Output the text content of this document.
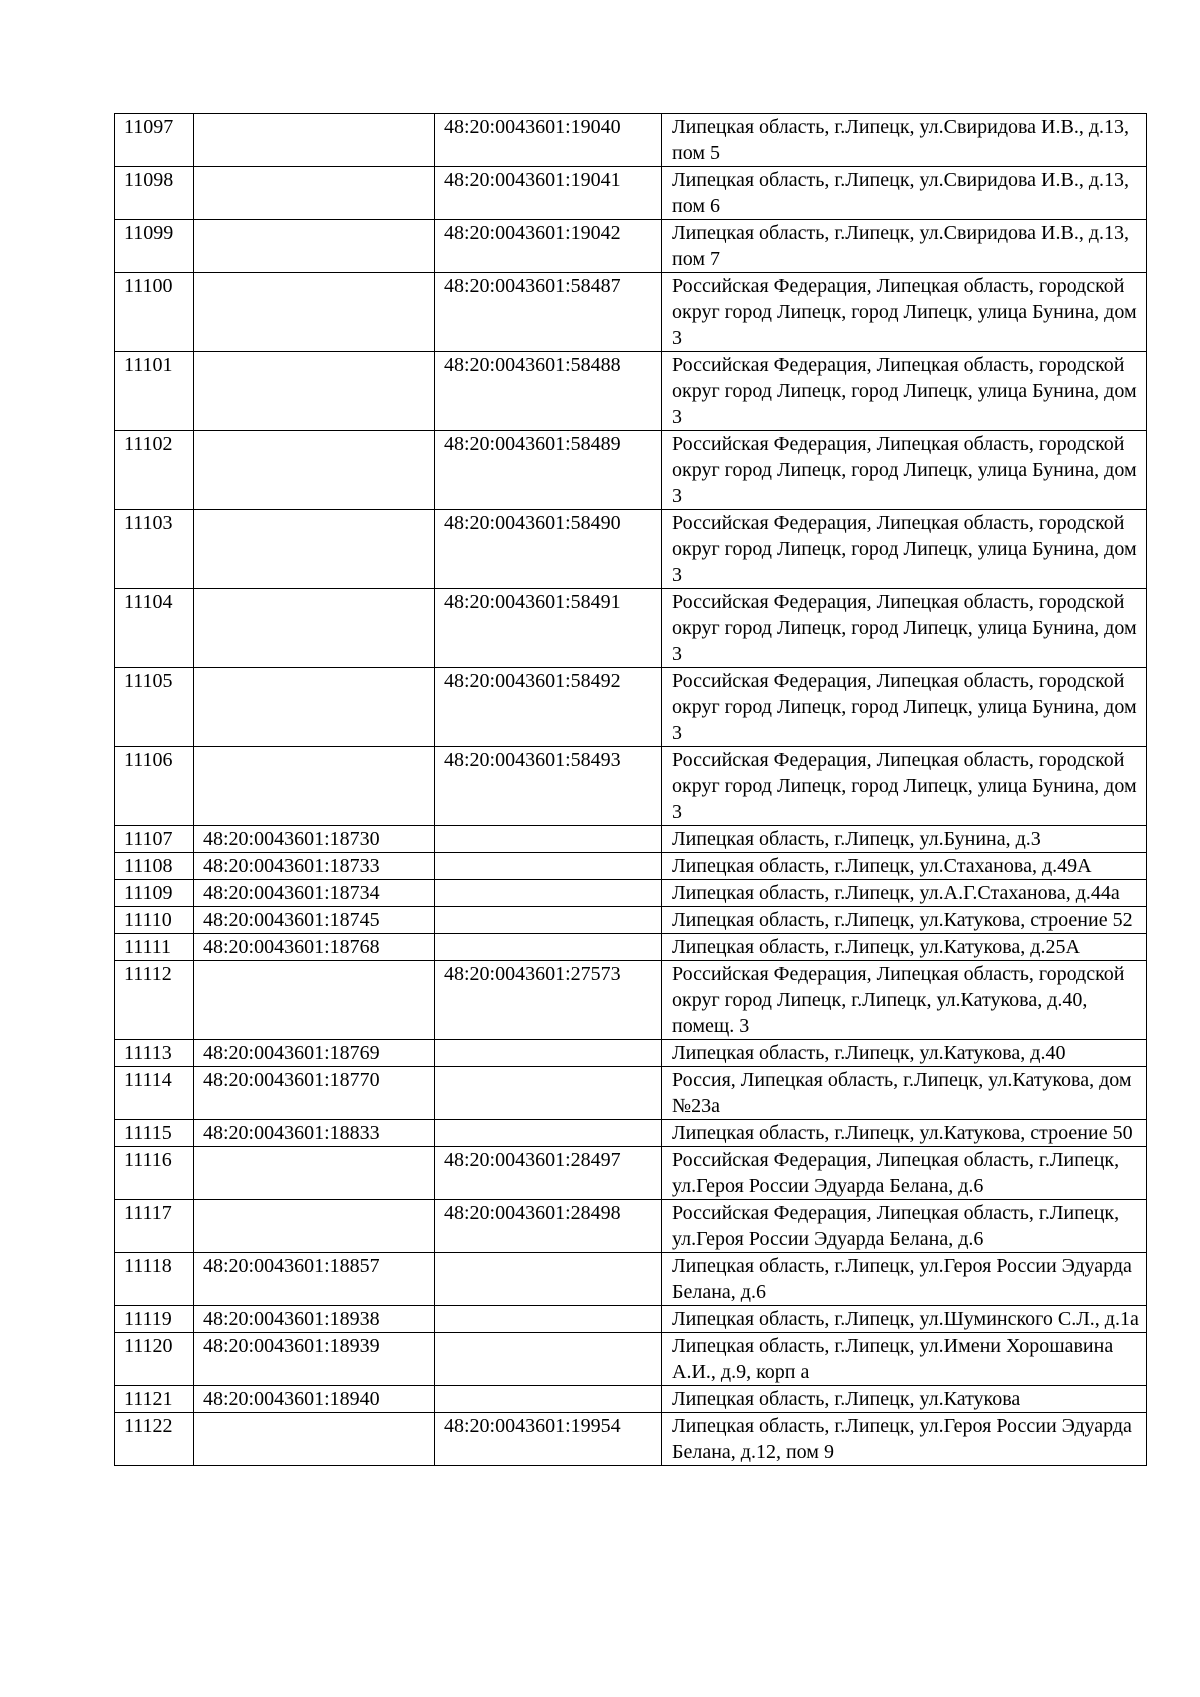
11097		48:20:0043601:19040	Липецкая область, г.Липецк, ул.Свиридова И.В., д.13, пом 5
11098		48:20:0043601:19041	Липецкая область, г.Липецк, ул.Свиридова И.В., д.13, пом 6
11099		48:20:0043601:19042	Липецкая область, г.Липецк, ул.Свиридова И.В., д.13, пом 7
11100		48:20:0043601:58487	Российская Федерация, Липецкая область, городской округ город Липецк, город Липецк, улица Бунина, дом 3
11101		48:20:0043601:58488	Российская Федерация, Липецкая область, городской округ город Липецк, город Липецк, улица Бунина, дом 3
11102		48:20:0043601:58489	Российская Федерация, Липецкая область, городской округ город Липецк, город Липецк, улица Бунина, дом 3
11103		48:20:0043601:58490	Российская Федерация, Липецкая область, городской округ город Липецк, город Липецк, улица Бунина, дом 3
11104		48:20:0043601:58491	Российская Федерация, Липецкая область, городской округ город Липецк, город Липецк, улица Бунина, дом 3
11105		48:20:0043601:58492	Российская Федерация, Липецкая область, городской округ город Липецк, город Липецк, улица Бунина, дом 3
11106		48:20:0043601:58493	Российская Федерация, Липецкая область, городской округ город Липецк, город Липецк, улица Бунина, дом 3
11107	48:20:0043601:18730		Липецкая область, г.Липецк, ул.Бунина, д.3
11108	48:20:0043601:18733		Липецкая область, г.Липецк, ул.Стаханова, д.49А
11109	48:20:0043601:18734		Липецкая область, г.Липецк, ул.А.Г.Стаханова, д.44а
11110	48:20:0043601:18745		Липецкая область, г.Липецк, ул.Катукова, строение 52
11111	48:20:0043601:18768		Липецкая область, г.Липецк, ул.Катукова, д.25А
11112		48:20:0043601:27573	Российская Федерация, Липецкая область, городской округ город Липецк, г.Липецк, ул.Катукова, д.40, помещ. 3
11113	48:20:0043601:18769		Липецкая область, г.Липецк, ул.Катукова, д.40
11114	48:20:0043601:18770		Россия, Липецкая область, г.Липецк, ул.Катукова, дом №23а
11115	48:20:0043601:18833		Липецкая область, г.Липецк, ул.Катукова, строение 50
11116		48:20:0043601:28497	Российская Федерация, Липецкая область, г.Липецк, ул.Героя России Эдуарда Белана, д.6
11117		48:20:0043601:28498	Российская Федерация, Липецкая область, г.Липецк, ул.Героя России Эдуарда Белана, д.6
11118	48:20:0043601:18857		Липецкая область, г.Липецк, ул.Героя России Эдуарда Белана, д.6
11119	48:20:0043601:18938		Липецкая область, г.Липецк, ул.Шуминского С.Л., д.1а
11120	48:20:0043601:18939		Липецкая область, г.Липецк, ул.Имени Хорошавина А.И., д.9, корп а
11121	48:20:0043601:18940		Липецкая область, г.Липецк, ул.Катукова
11122		48:20:0043601:19954	Липецкая область, г.Липецк, ул.Героя России Эдуарда Белана, д.12, пом 9
